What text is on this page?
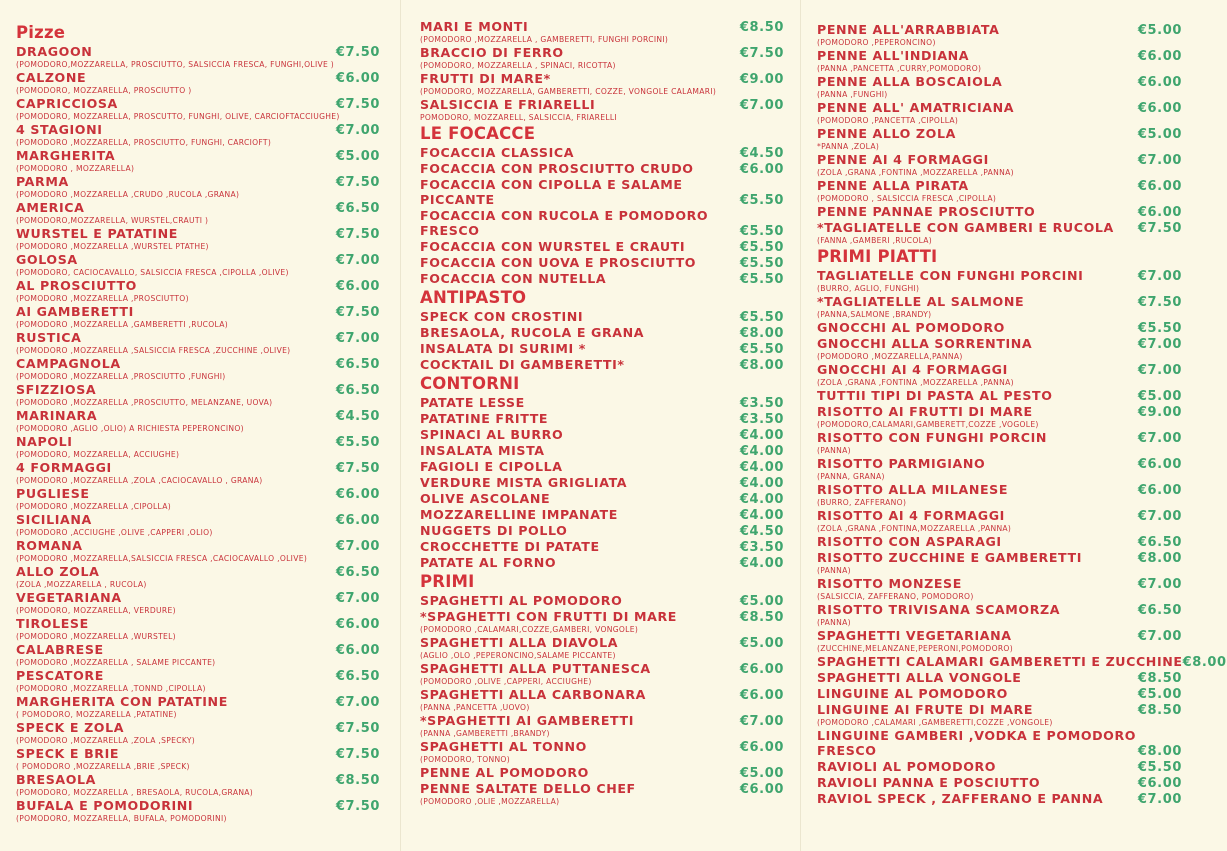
Pizze
DRAGOON	€7.50
(POMODORO,MOZZARELLA, PROSCIUTTO, SALSICCIA FRESCA, FUNGHI,OLIVE )
CALZONE	€6.00
(POMODORO, MOZZARELLA, PROSCIUTTO )
CAPRICCIOSA	€7.50
(POMODORO, MOZZARELLA, PROSCUTTO, FUNGHI, OLIVE, CARCIOFTACCIUGHE)
4 STAGIONI	€7.00
(POMODORO ,MOZZARELLA, PROSCIUTTO, FUNGHI, CARCIOFT)
MARGHERITA	€5.00
(POMODORO , MOZZARELLA)
PARMA	€7.50
(POMODORO ,MOZZARELLA ,CRUDO ,RUCOLA ,GRANA)
AMERICA	€6.50
(POMODORO,MOZZARELLA, WURSTEL,CRAUTI )
WURSTEL E PATATINE	€7.50
(POMODORO ,MOZZARELLA ,WURSTEL PTATHE)
GOLOSA	€7.00
(POMODORO, CACIOCAVALLO, SALSICCIA FRESCA ,CIPOLLA ,OLIVE)
AL PROSCIUTTO	€6.00
(POMODORO ,MOZZARELLA ,PROSCIUTTO)
AI GAMBERETTI	€7.50
(POMODORO ,MOZZARELLA ,GAMBERETTI ,RUCOLA)
RUSTICA	€7.00
(POMODORO ,MOZZARELLA ,SALSICCIA FRESCA ,ZUCCHINE ,OLIVE)
CAMPAGNOLA	€6.50
(POMODORO ,MOZZARELLA ,PROSCIUTTO ,FUNGHI)
SFIZZIOSA	€6.50
(POMODORO ,MOZZARELLA ,PROSCIUTTO, MELANZANE, UOVA)
MARINARA	€4.50
(POMODORO ,AGLIO ,OLIO) A RICHIESTA PEPERONCINO)
NAPOLI	€5.50
(POMODORO, MOZZARELLA, ACCIUGHE)
4 FORMAGGI	€7.50
(POMODORO ,MOZZARELLA ,ZOLA ,CACIOCAVALLO , GRANA)
PUGLIESE	€6.00
(POMODORO ,MOZZARELLA ,CIPOLLA)
SICILIANA	€6.00
(POMODORO ,ACCIUGHE ,OLIVE ,CAPPERI ,OLIO)
ROMANA	€7.00
(POMODORO ,MOZZARELLA,SALSICCIA FRESCA ,CACIOCAVALLO ,OLIVE)
ALLO ZOLA	€6.50
(ZOLA ,MOZZARELLA , RUCOLA)
VEGETARIANA	€7.00
(POMODORO, MOZZARELLA, VERDURE)
TIROLESE	€6.00
(POMODORO ,MOZZARELLA ,WURSTEL)
CALABRESE	€6.00
(POMODORO ,MOZZARELLA , SALAME PICCANTE)
PESCATORE	€6.50
(POMODORO ,MOZZARELLA ,TONND ,CIPOLLA)
MARGHERITA CON PATATINE	€7.00
( POMODORO, MOZZARELLA ,PATATINE)
SPECK E ZOLA	€7.50
(POMODORO ,MOZZARELLA ,ZOLA ,SPECKY)
SPECK E BRIE	€7.50
( POMODORO ,MOZZARELLA ,BRIE ,SPECK)
BRESAOLA	€8.50
(POMODORO, MOZZARELLA , BRESAOLA, RUCOLA,GRANA)
BUFALA E POMODORINI	€7.50
(POMODORO, MOZZARELLA, BUFALA, POMODORINI)
MARI E MONTI	€8.50
(POMODORO ,MOZZARELLA , GAMBERETTI, FUNGHI PORCINI)
BRACCIO DI FERRO	€7.50
(POMODORO, MOZZARELLA , SPINACI, RICOTTA)
FRUTTI DI MARE*	€9.00
(POMODORO, MOZZARELLA, GAMBERETTI, COZZE, VONGOLE CALAMARI)
SALSICCIA E FRIARELLI	€7.00
POMODORO, MOZZARELL, SALSICCIA, FRIARELLI
LE FOCACCE
FOCACCIA CLASSICA	€4.50
FOCACCIA CON PROSCIUTTO CRUDO	€6.00
FOCACCIA CON CIPOLLA E SALAME
PICCANTE	€5.50
FOCACCIA CON RUCOLA E POMODORO
FRESCO	€5.50
FOCACCIA CON WURSTEL E CRAUTI	€5.50
FOCACCIA CON UOVA E PROSCIUTTO	€5.50
FOCACCIA CON NUTELLA	€5.50
ANTIPASTO
SPECK CON CROSTINI	€5.50
BRESAOLA, RUCOLA E GRANA	€8.00
INSALATA DI SURIMI *	€5.50
COCKTAIL DI GAMBERETTI*	€8.00
CONTORNI
PATATE LESSE	€3.50
PATATINE FRITTE	€3.50
SPINACI AL BURRO	€4.00
INSALATA MISTA	€4.00
FAGIOLI E CIPOLLA	€4.00
VERDURE MISTA GRIGLIATA	€4.00
OLIVE ASCOLANE	€4.00
MOZZARELLINE IMPANATE	€4.00
NUGGETS DI POLLO	€4.50
CROCCHETTE DI PATATE	€3.50
PATATE AL FORNO	€4.00
PRIMI
SPAGHETTI AL POMODORO	€5.00
*SPAGHETTI CON FRUTTI DI MARE	€8.50
(POMODORO ,CALAMARI,COZZE,GAMBERI, VONGOLE)
SPAGHETTI ALLA DIAVOLA	€5.00
(AGLIO ,OLO ,PEPERONCINO,SALAME PICCANTE)
SPAGHETTI ALLA PUTTANESCA	€6.00
(POMODORO ,OLIVE ,CAPPERI, ACCIUGHE)
SPAGHETTI ALLA CARBONARA	€6.00
(PANNA ,PANCETTA ,UOVO)
*SPAGHETTI AI GAMBERETTI	€7.00
(PANNA ,GAMBERETTI ,BRANDY)
SPAGHETTI AL TONNO	€6.00
(POMODORO, TONNO)
PENNE AL POMODORO	€5.00
PENNE SALTATE DELLO CHEF	€6.00
(POMODORO ,OLIE ,MOZZARELLA)
PENNE ALL'ARRABBIATA	€5.00
(POMODORO ,PEPERONCINO)
PENNE ALL'INDIANA	€6.00
(PANNA ,PANCETTA ,CURRY,POMODORO)
PENNE ALLA BOSCAIOLA	€6.00
(PANNA ,FUNGHI)
PENNE ALL' AMATRICIANA	€6.00
(POMODORO ,PANCETTA ,CIPOLLA)
PENNE ALLO ZOLA	€5.00
*PANNA ,ZOLA)
PENNE AI 4 FORMAGGI	€7.00
(ZOLA ,GRANA ,FONTINA ,MOZZARELLA ,PANNA)
PENNE ALLA PIRATA	€6.00
(POMODORO , SALSICCIA FRESCA ,CIPOLLA)
PENNE PANNAE PROSCIUTTO	€6.00
*TAGLIATELLE CON GAMBERI E RUCOLA €7.50
(FANNA ,GAMBERI ,RUCOLA)
PRIMI PIATTI
TAGLIATELLE CON FUNGHI PORCINI	€7.00
(BURRO, AGLIO, FUNGHI)
*TAGLIATELLE AL SALMONE	€7.50
(PANNA,SALMONE ,BRANDY)
GNOCCHI AL POMODORO	€5.50
GNOCCHI ALLA SORRENTINA	€7.00
(POMODORO ,MOZZARELLA,PANNA)
GNOCCHI AI 4 FORMAGGI	€7.00
(ZOLA ,GRANA ,FONTINA ,MOZZARELLA ,PANNA)
TUTTII TIPI DI PASTA AL PESTO	€5.00
RISOTTO AI FRUTTI DI MARE	€9.00
(POMODORO,CALAMARI,GAMBERETT,COZZE ,VOGOLE)
RISOTTO CON FUNGHI PORCIN	€7.00
(PANNA)
RISOTTO PARMIGIANO	€6.00
(PANNA, GRANA)
RISOTTO ALLA MILANESE	€6.00
(BURRO, ZAFFERANO)
RISOTTO AI 4 FORMAGGI	€7.00
(ZOLA ,GRANA ,FONTINA,MOZZARELLA ,PANNA)
RISOTTO CON ASPARAGI	€6.50
RISOTTO ZUCCHINE E GAMBERETTI	€8.00
(PANNA)
RISOTTO MONZESE	€7.00
(SALSICCIA, ZAFFERANO, POMODORO)
RISOTTO TRIVISANA SCAMORZA	€6.50
(PANNA)
SPAGHETTI VEGETARIANA	€7.00
(ZUCCHINE,MELANZANE,PEPERONI,POMODORO)
SPAGHETTI CALAMARI GAMBERETTI E ZUCCHINE €8.00
SPAGHETTI ALLA VONGOLE	€8.50
LINGUINE AL POMODORO	€5.00
LINGUINE AI FRUTE DI MARE	€8.50
(POMODORO ,CALAMARI ,GAMBERETTI,COZZE ,VONGOLE)
LINGUINE GAMBERI ,VODKA E POMODORO
FRESCO	€8.00
RAVIOLI AL POMODORO	€5.50
RAVIOLI PANNA E POSCIUTTO	€6.00
RAVIOL SPECK , ZAFFERANO E PANNA	€7.00
